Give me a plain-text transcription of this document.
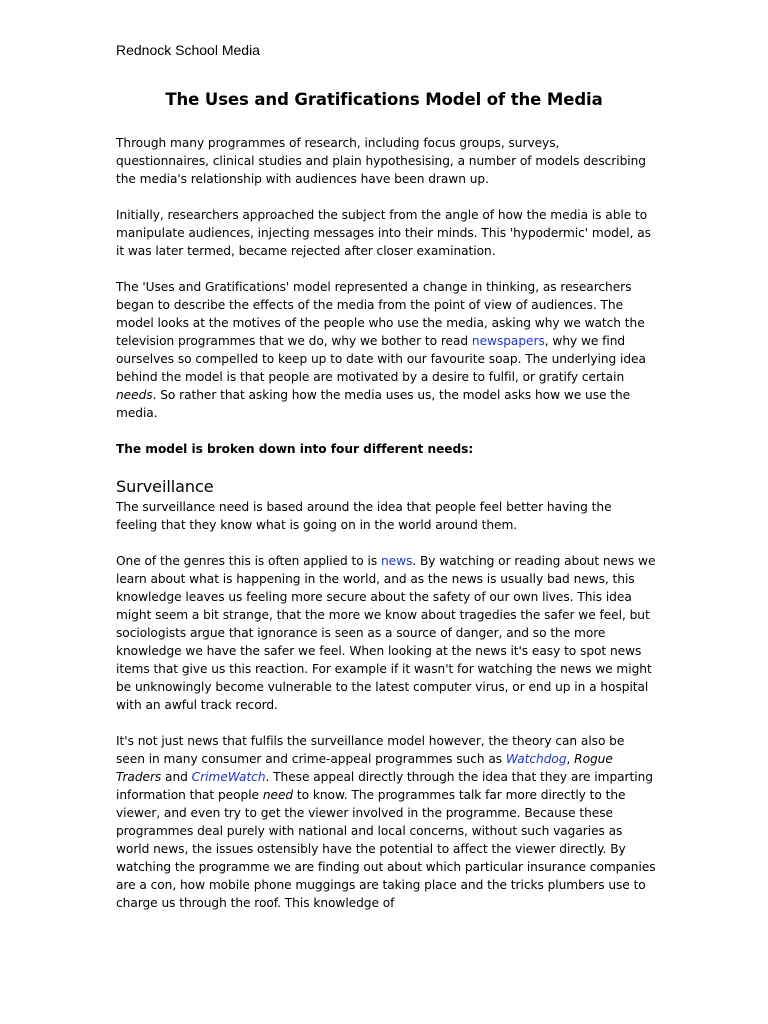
Rednock School Media
The Uses and Gratifications Model of the Media

Through many programmes of research, including focus groups, surveys, questionnaires, clinical studies and plain hypothesising, a number of models describing the media's relationship with audiences have been drawn up.

Initially, researchers approached the subject from the angle of how the media is able to manipulate audiences, injecting messages into their minds. This 'hypodermic' model, as it was later termed, became rejected after closer examination.

The 'Uses and Gratifications' model represented a change in thinking, as researchers began to describe the effects of the media from the point of view of audiences. The model looks at the motives of the people who use the media, asking why we watch the television programmes that we do, why we bother to read newspapers, why we find ourselves so compelled to keep up to date with our favourite soap. The underlying idea behind the model is that people are motivated by a desire to fulfil, or gratify certain needs. So rather that asking how the media uses us, the model asks how we use the media.

The model is broken down into four different needs:

Surveillance

The surveillance need is based around the idea that people feel better having the feeling that they know what is going on in the world around them.

One of the genres this is often applied to is news. By watching or reading about news we learn about what is happening in the world, and as the news is usually bad news, this knowledge leaves us feeling more secure about the safety of our own lives. This idea might seem a bit strange, that the more we know about tragedies the safer we feel, but sociologists argue that ignorance is seen as a source of danger, and so the more knowledge we have the safer we feel. When looking at the news it's easy to spot news items that give us this reaction. For example if it wasn't for watching the news we might be unknowingly become vulnerable to the latest computer virus, or end up in a hospital with an awful track record.

It's not just news that fulfils the surveillance model however, the theory can also be seen in many consumer and crime-appeal programmes such as Watchdog, Rogue Traders and CrimeWatch. These appeal directly through the idea that they are imparting information that people need to know. The programmes talk far more directly to the viewer, and even try to get the viewer involved in the programme. Because these programmes deal purely with national and local concerns, without such vagaries as world news, the issues ostensibly have the potential to affect the viewer directly. By watching the programme we are finding out about which particular insurance companies are a con, how mobile phone muggings are taking place and the tricks plumbers use to charge us through the roof. This knowledge of
